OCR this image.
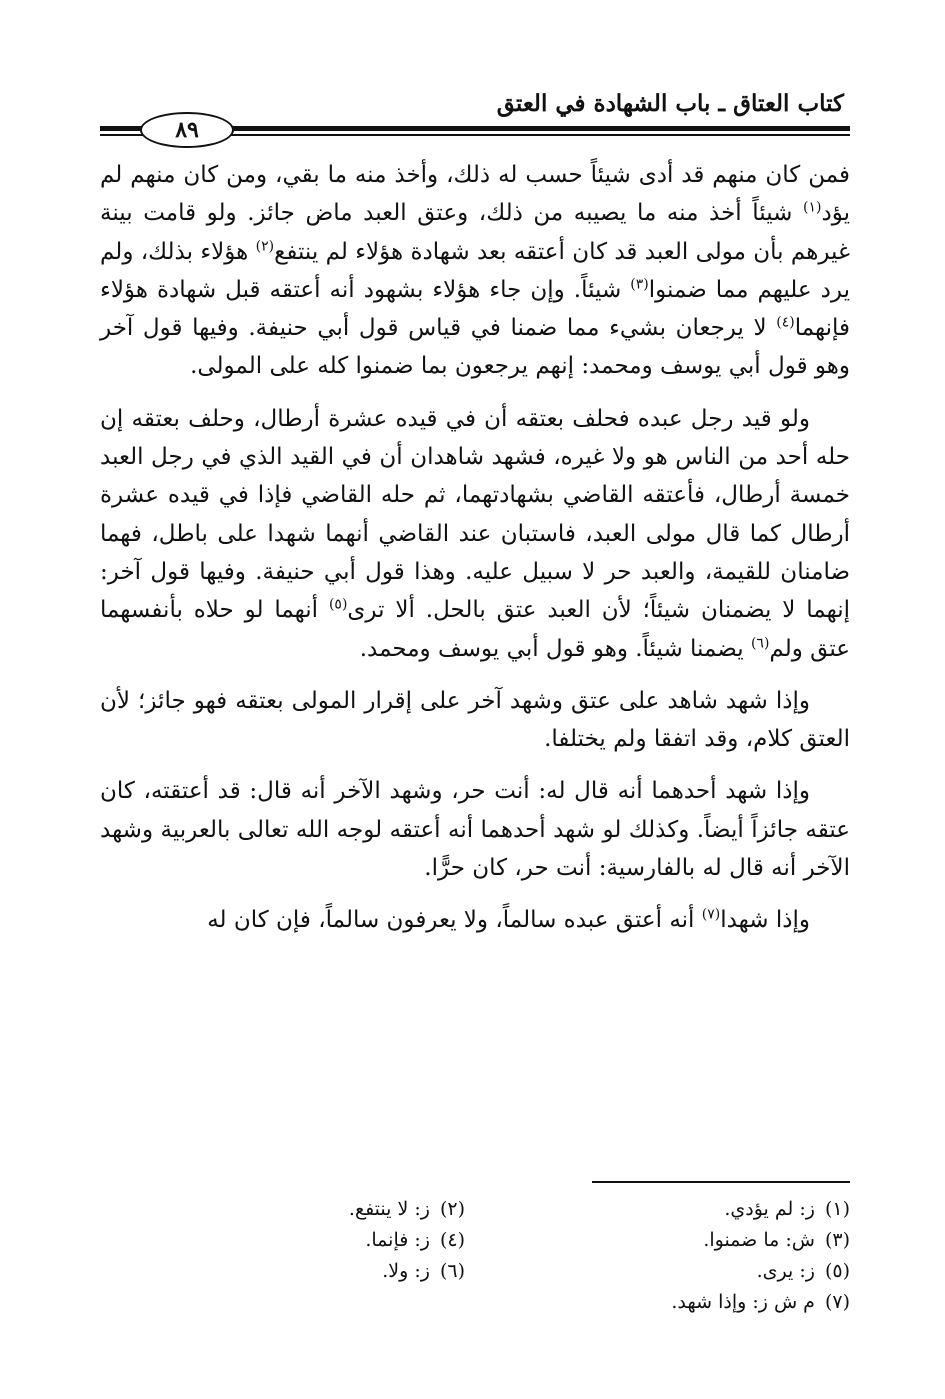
كتاب العتاق ـ باب الشهادة في العتق
٨٩

فمن كان منهم قد أدى شيئاً حسب له ذلك، وأخذ منه ما بقي، ومن كان منهم لم يؤد$^{(١)}$ شيئاً أخذ منه ما يصيبه من ذلك، وعتق العبد ماض جائز. ولو قامت بينة غيرهم بأن مولى العبد قد كان أعتقه بعد شهادة هؤلاء لم ينتفع$^{(٢)}$ هؤلاء بذلك، ولم يرد عليهم مما ضمنوا$^{(٣)}$ شيئاً. وإن جاء هؤلاء بشهود أنه أعتقه قبل شهادة هؤلاء فإنهما$^{(٤)}$ لا يرجعان بشيء مما ضمنا في قياس قول أبي حنيفة. وفيها قول آخر وهو قول أبي يوسف ومحمد: إنهم يرجعون بما ضمنوا كله على المولى.

ولو قيد رجل عبده فحلف بعتقه أن في قيده عشرة أرطال، وحلف بعتقه إن حله أحد من الناس هو ولا غيره، فشهد شاهدان أن في القيد الذي في رجل العبد خمسة أرطال، فأعتقه القاضي بشهادتهما، ثم حله القاضي فإذا في قيده عشرة أرطال كما قال مولى العبد، فاستبان عند القاضي أنهما شهدا على باطل، فهما ضامنان للقيمة، والعبد حر لا سبيل عليه. وهذا قول أبي حنيفة. وفيها قول آخر: إنهما لا يضمنان شيئاً؛ لأن العبد عتق بالحل. ألا ترى$^{(٥)}$ أنهما لو حلاه بأنفسهما عتق ولم$^{(٦)}$ يضمنا شيئاً. وهو قول أبي يوسف ومحمد.

وإذا شهد شاهد على عتق وشهد آخر على إقرار المولى بعتقه فهو جائز؛ لأن العتق كلام، وقد اتفقا ولم يختلفا.

وإذا شهد أحدهما أنه قال له: أنت حر، وشهد الآخر أنه قال: قد أعتقته، كان عتقه جائزاً أيضاً. وكذلك لو شهد أحدهما أنه أعتقه لوجه الله تعالى بالعربية وشهد الآخر أنه قال له بالفارسية: أنت حر، كان حرًّا.

وإذا شهدا$^{(٧)}$ أنه أعتق عبده سالماً، ولا يعرفون سالماً، فإن كان له

(١)ز: لم يؤدي.
(٢)ز: لا ينتفع.
(٣)ش: ما ضمنوا.
(٤)ز: فإنما.
(٥)ز: يرى.
(٦)ز: ولا.
(٧)م ش ز: وإذا شهد.
